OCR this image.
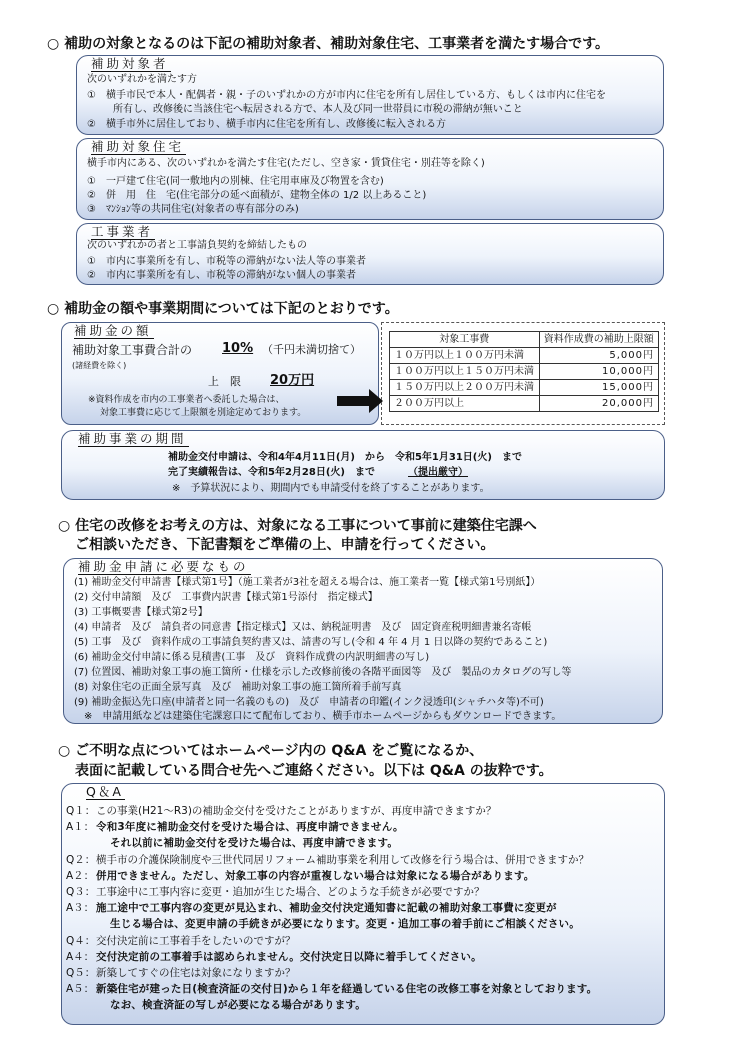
○ 補助の対象となるのは下記の補助対象者、補助対象住宅、工事業者を満たす場合です。
補助対象者
次のいずれかを満たす方
①　横手市民で本人・配偶者・親・子のいずれかの方が市内に住宅を所有し居住している方、もしくは市内に住宅を
所有し、改修後に当該住宅へ転居される方で、本人及び同一世帯員に市税の滞納が無いこと
②　横手市外に居住しており、横手市内に住宅を所有し、改修後に転入される方
補助対象住宅
横手市内にある、次のいずれかを満たす住宅(ただし、空き家・賃貸住宅・別荘等を除く)
①　一戸建て住宅(同一敷地内の別棟、住宅用車庫及び物置を含む)
②　併　用　住　宅(住宅部分の延べ面積が、建物全体の 1/2 以上あること)
③　ﾏﾝｼｮﾝ等の共同住宅(対象者の専有部分のみ)
工事業者
次のいずれかの者と工事請負契約を締結したもの
①　市内に事業所を有し、市税等の滞納がない法人等の事業者
②　市内に事業所を有し、市税等の滞納がない個人の事業者
○ 補助金の額や事業期間については下記のとおりです。
補助金の額
補助対象工事費合計の 10% （千円未満切捨て）
(諸経費を除く)
上　限 20万円
※資料作成を市内の工事業者へ委託した場合は、
対象工事費に応じて上限額を別途定めております。
対象工事費	資料作成費の補助上限額
１０万円以上１００万円未満	5,000円
１００万円以上１５０万円未満	10,000円
１５０万円以上２００万円未満	15,000円
２００万円以上	20,000円
補助事業の期間
補助金交付申請は、令和4年4月11日(月)　から　令和5年1月31日(火)　まで
完了実績報告は、令和5年2月28日(火)　まで	（提出厳守）
※　予算状況により、期間内でも申請受付を終了することがあります。
○ 住宅の改修をお考えの方は、対象になる工事について事前に建築住宅課へ
ご相談いただき、下記書類をご準備の上、申請を行ってください。
補助金申請に必要なもの
(1) 補助金交付申請書【様式第1号】（施工業者が3社を超える場合は、施工業者一覧【様式第1号別紙】）
(2) 交付申請額　及び　工事費内訳書【様式第1号添付　指定様式】
(3) 工事概要書【様式第2号】
(4) 申請者　及び　請負者の同意書【指定様式】又は、納税証明書　及び　固定資産税明細書兼名寄帳
(5) 工事　及び　資料作成の工事請負契約書又は、請書の写し(令和 4 年 4 月 1 日以降の契約であること)
(6) 補助金交付申請に係る見積書(工事　及び　資料作成費の内訳明細書の写し)
(7) 位置図、補助対象工事の施工箇所・仕様を示した改修前後の各階平面図等　及び　製品のカタログの写し等
(8) 対象住宅の正面全景写真　及び　補助対象工事の施工箇所着手前写真
(9) 補助金振込先口座(申請者と同一名義のもの)　及び　申請者の印鑑(インク浸透印(シャチハタ等)不可)
※　申請用紙などは建築住宅課窓口にて配布しており、横手市ホームページからもダウンロードできます。
○ ご不明な点についてはホームページ内の Q&A をご覧になるか、
表面に記載している問合せ先へご連絡ください。以下は Q&A の抜粋です。
Q＆A
Q１：この事業(H21～R3)の補助金交付を受けたことがありますが、再度申請できますか？
A１： 令和3年度に補助金交付を受けた場合は、再度申請できません。
それ以前に補助金交付を受けた場合は、再度申請できます。
Q２：横手市の介護保険制度や三世代同居リフォーム補助事業を利用して改修を行う場合は、併用できますか？
A２： 併用できません。ただし、対象工事の内容が重複しない場合は対象になる場合があります。
Q３：工事途中に工事内容に変更・追加が生じた場合、どのような手続きが必要ですか？
A３： 施工途中で工事内容の変更が見込まれ、補助金交付決定通知書に記載の補助対象工事費に変更が
生じる場合は、変更申請の手続きが必要になります。変更・追加工事の着手前にご相談ください。
Q４：交付決定前に工事着手をしたいのですが？
A４： 交付決定前の工事着手は認められません。交付決定日以降に着手してください。
Q５：新築してすぐの住宅は対象になりますか？
A５： 新築住宅が建った日(検査済証の交付日)から１年を経過している住宅の改修工事を対象としております。
なお、検査済証の写しが必要になる場合があります。
